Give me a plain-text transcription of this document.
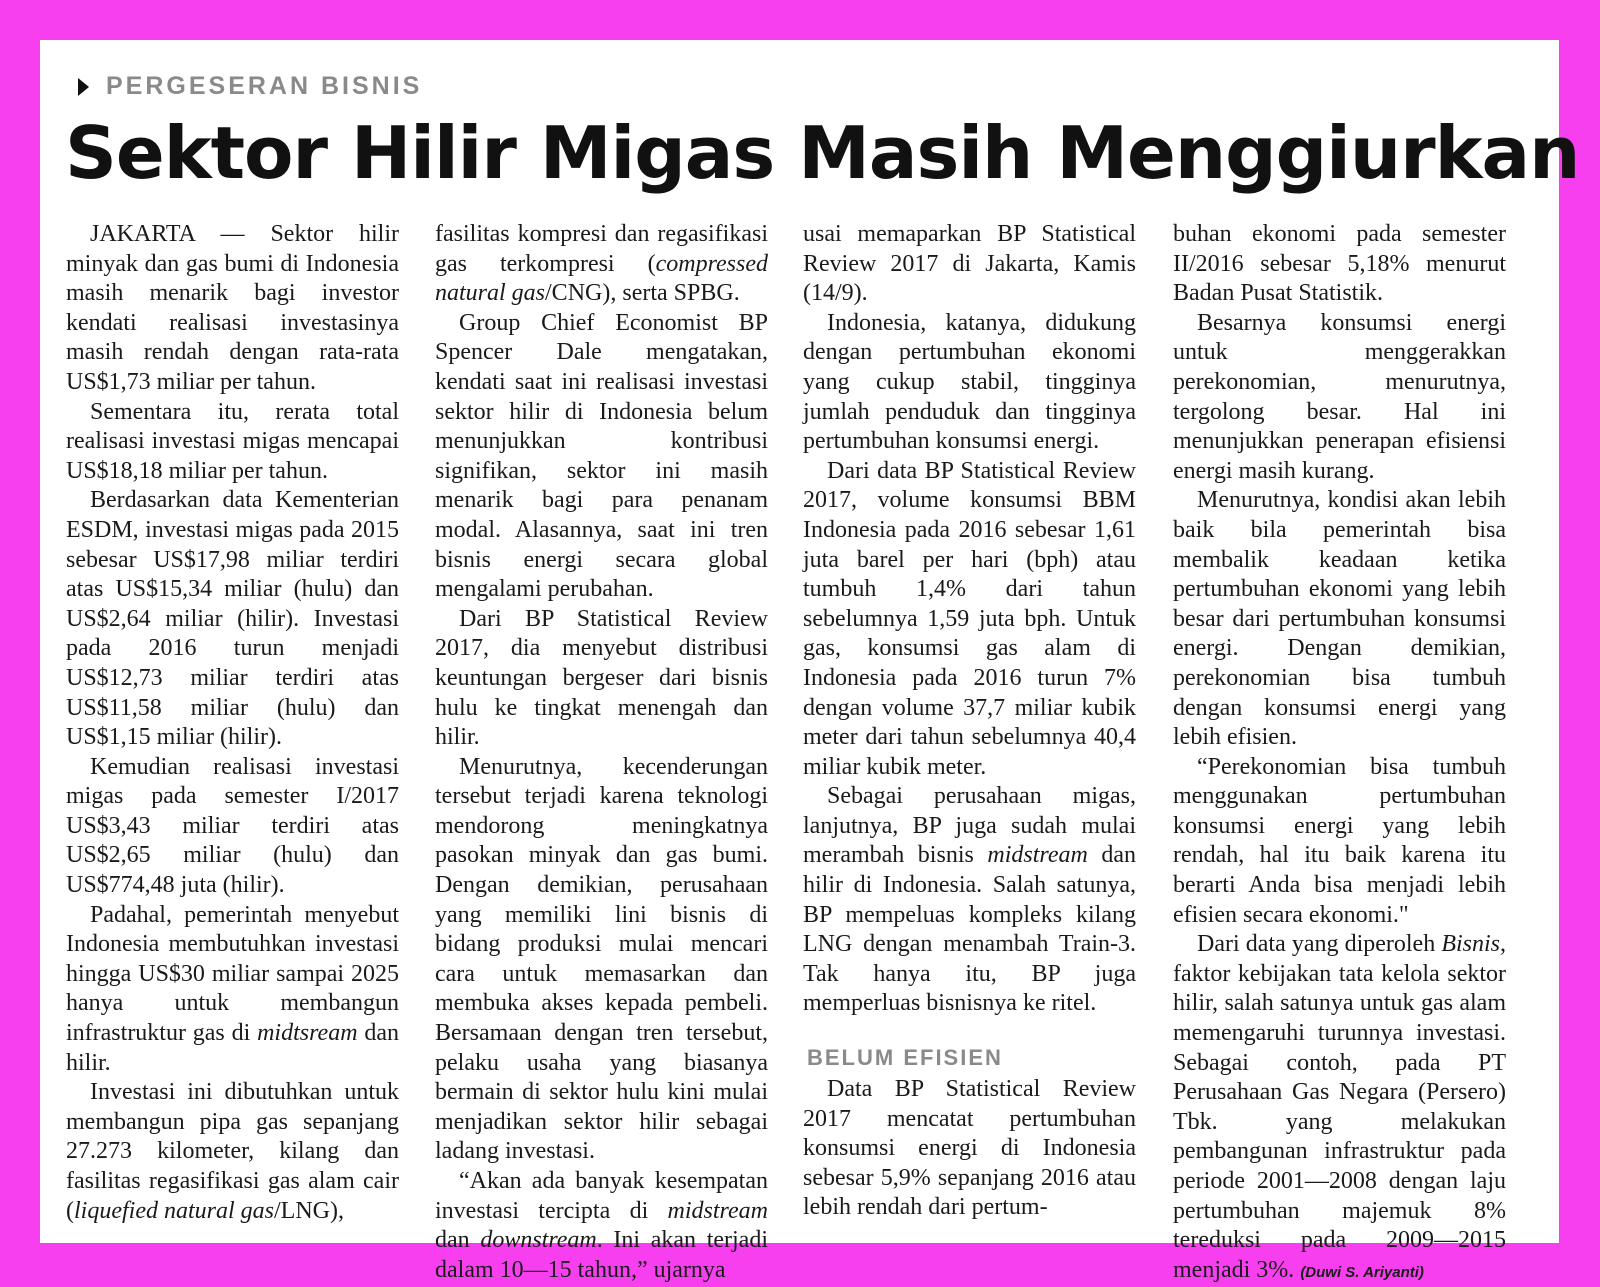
PERGESERAN BISNIS
Sektor Hilir Migas Masih Menggiurkan

JAKARTA — Sektor hilir minyak dan gas bumi di Indonesia masih menarik bagi investor kendati realisasi investasinya masih rendah dengan rata-rata US$1,73 miliar per tahun.

Sementara itu, rerata total realisasi investasi migas mencapai US$18,18 miliar per tahun.

Berdasarkan data Kementerian ESDM, investasi migas pada 2015 sebesar US$17,98 miliar terdiri atas US$15,34 miliar (hulu) dan US$2,64 miliar (hilir). Investasi pada 2016 turun menjadi US$12,73 miliar terdiri atas US$11,58 miliar (hulu) dan US$1,15 miliar (hilir).

Kemudian realisasi investasi migas pada semester I/2017 US$3,43 miliar terdiri atas US$2,65 miliar (hulu) dan US$774,48 juta (hilir).

Padahal, pemerintah menyebut Indonesia membutuhkan investasi hingga US$30 miliar sampai 2025 hanya untuk membangun infrastruktur gas di midtsream dan hilir.

Investasi ini dibutuhkan untuk membangun pipa gas sepanjang 27.273 kilometer, kilang dan fasilitas regasifikasi gas alam cair (liquefied natural gas/LNG),

fasilitas kompresi dan regasifikasi gas terkompresi (compressed natural gas/CNG), serta SPBG.

Group Chief Economist BP Spencer Dale mengatakan, kendati saat ini realisasi investasi sektor hilir di Indonesia belum menunjukkan kontribusi signifikan, sektor ini masih menarik bagi para penanam modal. Alasannya, saat ini tren bisnis energi secara global mengalami perubahan.

Dari BP Statistical Review 2017, dia menyebut distribusi keuntungan bergeser dari bisnis hulu ke tingkat menengah dan hilir.

Menurutnya, kecenderungan tersebut terjadi karena teknologi mendorong meningkatnya pasokan minyak dan gas bumi. Dengan demikian, perusahaan yang memiliki lini bisnis di bidang produksi mulai mencari cara untuk memasarkan dan membuka akses kepada pembeli. Bersamaan dengan tren tersebut, pelaku usaha yang biasanya bermain di sektor hulu kini mulai menjadikan sektor hilir sebagai ladang investasi.

“Akan ada banyak kesempatan investasi tercipta di midstream dan downstream. Ini akan terjadi dalam 10—15 tahun,” ujarnya

usai memaparkan BP Statistical Review 2017 di Jakarta, Kamis (14/9).

Indonesia, katanya, didukung dengan pertumbuhan ekonomi yang cukup stabil, tingginya jumlah penduduk dan tingginya pertumbuhan konsumsi energi.

Dari data BP Statistical Review 2017, volume konsumsi BBM Indonesia pada 2016 sebesar 1,61 juta barel per hari (bph) atau tumbuh 1,4% dari tahun sebelumnya 1,59 juta bph. Untuk gas, konsumsi gas alam di Indonesia pada 2016 turun 7% dengan volume 37,7 miliar kubik meter dari tahun sebelumnya 40,4 miliar kubik meter.

Sebagai perusahaan migas, lanjutnya, BP juga sudah mulai merambah bisnis midstream dan hilir di Indonesia. Salah satunya, BP mempeluas kompleks kilang LNG dengan menambah Train-3. Tak hanya itu, BP juga memperluas bisnisnya ke ritel.

BELUM EFISIEN

Data BP Statistical Review 2017 mencatat pertumbuhan konsumsi energi di Indonesia sebesar 5,9% sepanjang 2016 atau lebih rendah dari pertum-

buhan ekonomi pada semester II/2016 sebesar 5,18% menurut Badan Pusat Statistik.

Besarnya konsumsi energi untuk menggerakkan perekonomian, menurutnya, tergolong besar. Hal ini menunjukkan penerapan efisiensi energi masih kurang.

Menurutnya, kondisi akan lebih baik bila pemerintah bisa membalik keadaan ketika pertumbuhan ekonomi yang lebih besar dari pertumbuhan konsumsi energi. Dengan demikian, perekonomian bisa tumbuh dengan konsumsi energi yang lebih efisien.

“Perekonomian bisa tumbuh menggunakan pertumbuhan konsumsi energi yang lebih rendah, hal itu baik karena itu berarti Anda bisa menjadi lebih efisien secara ekonomi."

Dari data yang diperoleh Bisnis, faktor kebijakan tata kelola sektor hilir, salah satunya untuk gas alam memengaruhi turunnya investasi. Sebagai contoh, pada PT Perusahaan Gas Negara (Persero) Tbk. yang melakukan pembangunan infrastruktur pada periode 2001—2008 dengan laju pertumbuhan majemuk 8% tereduksi pada 2009—2015 menjadi 3%. (Duwi S. Ariyanti)
